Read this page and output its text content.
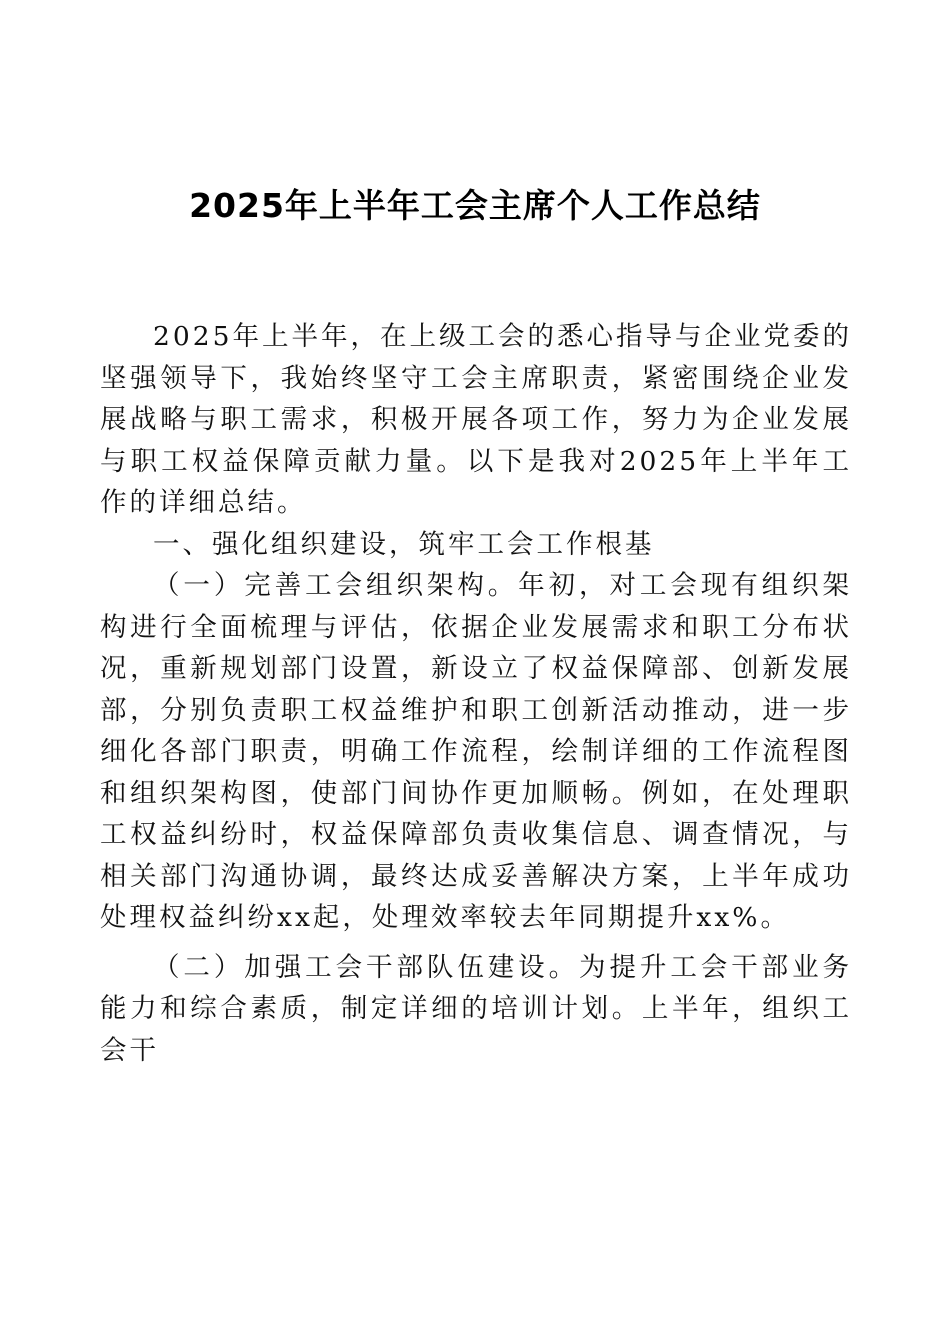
2025年上半年工会主席个人工作总结

2025年上半年，在上级工会的悉心指导与企业党委的坚强领导下，我始终坚守工会主席职责，紧密围绕企业发展战略与职工需求，积极开展各项工作，努力为企业发展与职工权益保障贡献力量。以下是我对2025年上半年工作的详细总结。

一、强化组织建设，筑牢工会工作根基

（一）完善工会组织架构。年初，对工会现有组织架构进行全面梳理与评估，依据企业发展需求和职工分布状况，重新规划部门设置，新设立了权益保障部、创新发展部，分别负责职工权益维护和职工创新活动推动，进一步细化各部门职责，明确工作流程，绘制详细的工作流程图和组织架构图，使部门间协作更加顺畅。例如，在处理职工权益纠纷时，权益保障部负责收集信息、调查情况，与相关部门沟通协调，最终达成妥善解决方案，上半年成功处理权益纠纷xx起，处理效率较去年同期提升xx%。

（二）加强工会干部队伍建设。为提升工会干部业务能力和综合素质，制定详细的培训计划。上半年，组织工会干
